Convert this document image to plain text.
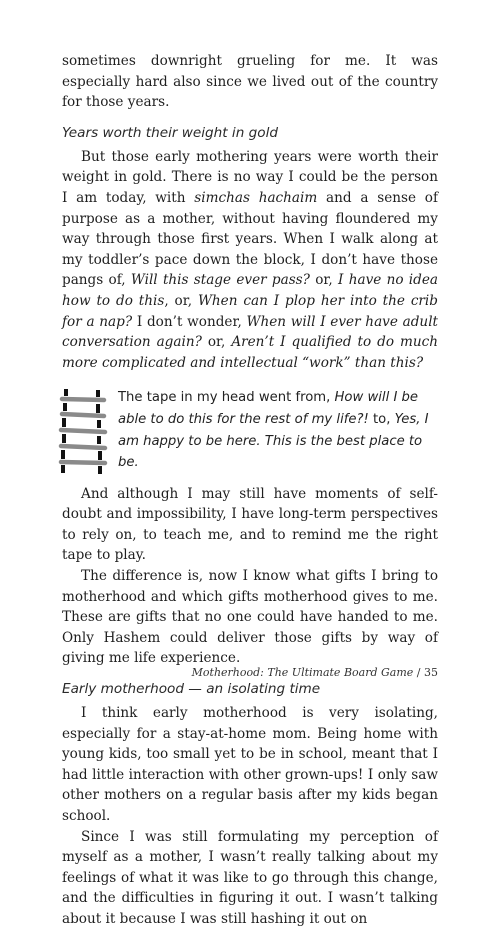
sometimes downright grueling for me. It was especially hard also since we lived out of the country for those years.

Years worth their weight in gold

But those early mothering years were worth their weight in gold. There is no way I could be the person I am today, with simchas hachaim and a sense of purpose as a mother, without having floundered my way through those first years. When I walk along at my toddler’s pace down the block, I don’t have those pangs of, Will this stage ever pass? or, I have no idea how to do this, or, When can I plop her into the crib for a nap? I don’t wonder, When will I ever have adult conversation again? or, Aren’t I qualified to do much more complicated and intellectual “work” than this?

The tape in my head went from, How will I be able to do this for the rest of my life?! to, Yes, I am happy to be here. This is the best place to be.

And although I may still have moments of self-doubt and impossibility, I have long-term perspectives to rely on, to teach me, and to remind me the right tape to play.

The difference is, now I know what gifts I bring to motherhood and which gifts motherhood gives to me. These are gifts that no one could have handed to me. Only Hashem could deliver those gifts by way of giving me life experience.

Early motherhood — an isolating time

I think early motherhood is very isolating, especially for a stay-at-home mom. Being home with young kids, too small yet to be in school, meant that I had little interaction with other grown-ups! I only saw other mothers on a regular basis after my kids began school.

Since I was still formulating my perception of myself as a mother, I wasn’t really talking about my feelings of what it was like to go through this change, and the difficulties in figuring it out. I wasn’t talking about it because I was still hashing it out on

Motherhood: The Ultimate Board Game / 35
